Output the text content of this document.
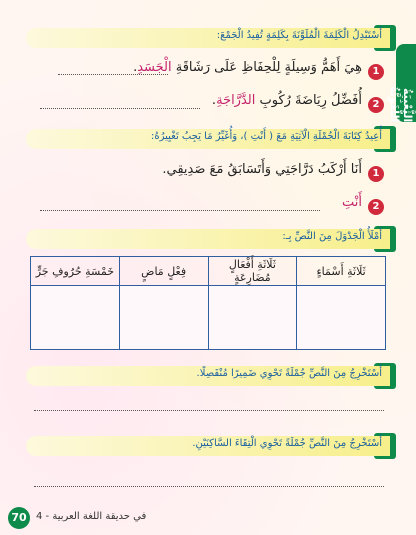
الثُّعْبِيَةُ اللُّغَوِيَّةُ
أَسْتَبْدِلُ الْكَلِمَةَ الْمُلَوَّنَةَ بِكَلِمَةٍ تُفِيدُ الْجَمْعَ:
1
هِيَ أَهَمُّ وَسِيلَةٍ لِلْحِفَاظِ عَلَى رَشَاقَةِ الْجَسَدِ.
2
أُفَضِّلُ رِيَاضَةَ رُكُوبِ الدَّرَّاجَةِ.
أُعِيدُ كِتَابَةَ الْجُمْلَةِ الْآتِيَةِ مَعَ ( أَنْتِ )، وَأُغَيِّرُ مَا يَجِبُ تَغْيِيرُهُ:
1
أَنَا أَرْكَبُ دَرَّاجَتِي وَأَتَسَابَقُ مَعَ صَدِيقِي.
2
أَنْتِ
أَمْلَأُ الْجَدْوَلَ مِنَ النَّصِّ بِـ:
ثَلَاثَةِ أَسْمَاءٍ	ثَلَاثَةِ أَفْعَالٍ مُضَارِعَةٍ	فِعْلٍ مَاضٍ	خَمْسَةِ حُرُوفِ جَرٍّ

أَسْتَخْرِجُ مِنَ النَّصِّ جُمْلَةً تَحْوِي ضَمِيرًا مُنْفَصِلًا.
أَسْتَخْرِجُ مِنَ النَّصِّ جُمْلَةً تَحْوِي الْتِقَاءَ السَّاكِنَيْنِ.
70 في حديقة اللغة العربية - 4
